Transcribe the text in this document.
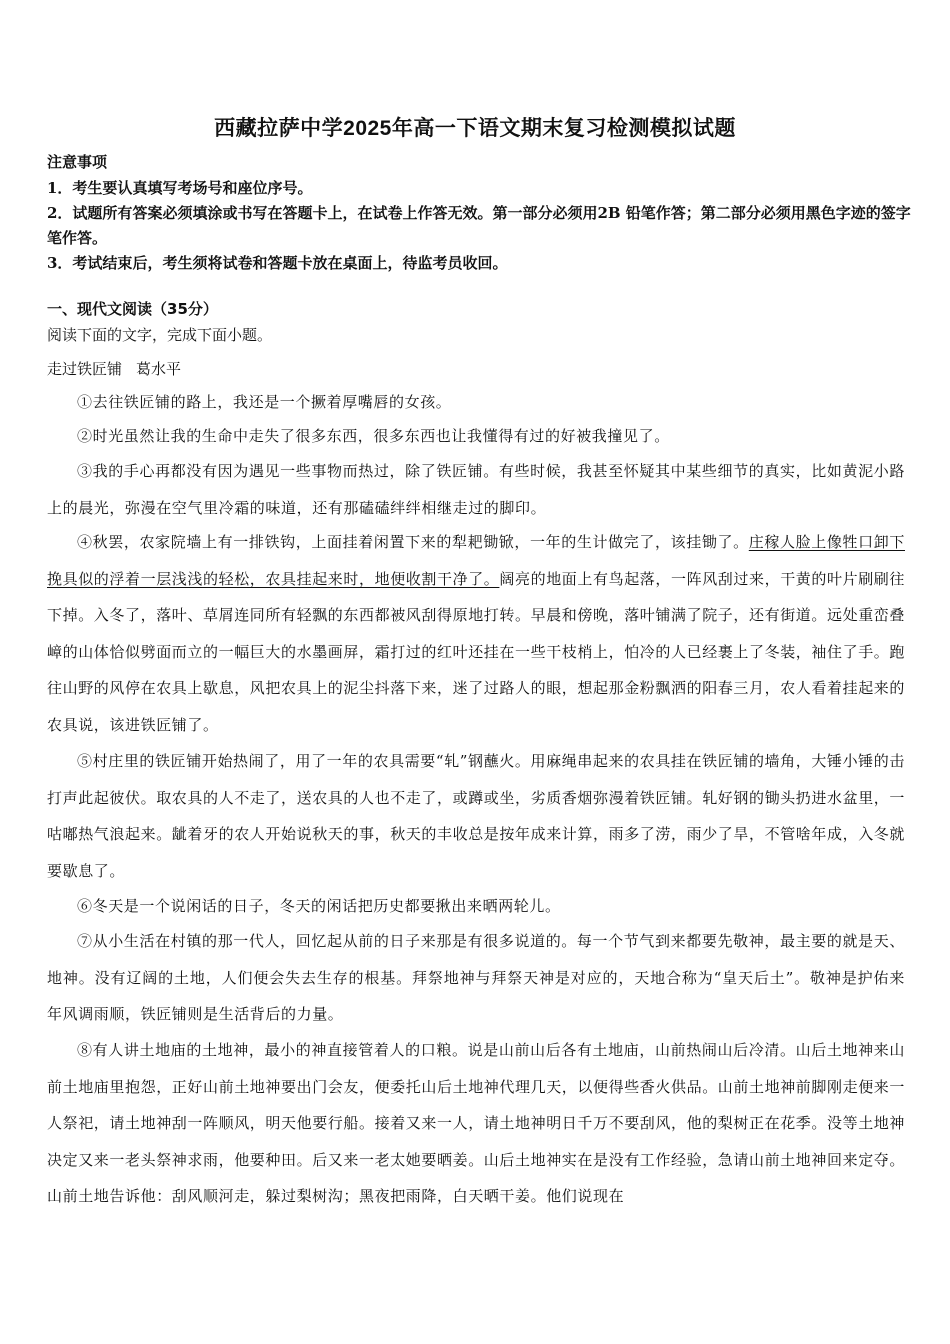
西藏拉萨中学2025年高一下语文期末复习检测模拟试题
注意事项
1．考生要认真填写考场号和座位序号。
2．试题所有答案必须填涂或书写在答题卡上，在试卷上作答无效。第一部分必须用2B 铅笔作答；第二部分必须用黑色字迹的签字笔作答。
3．考试结束后，考生须将试卷和答题卡放在桌面上，待监考员收回。
一、现代文阅读（35分）
阅读下面的文字，完成下面小题。
走过铁匠铺 葛水平

①去往铁匠铺的路上，我还是一个撅着厚嘴唇的女孩。

②时光虽然让我的生命中走失了很多东西，很多东西也让我懂得有过的好被我撞见了。

③我的手心再都没有因为遇见一些事物而热过，除了铁匠铺。有些时候，我甚至怀疑其中某些细节的真实，比如黄泥小路上的晨光，弥漫在空气里冷霜的味道，还有那磕磕绊绊相继走过的脚印。

④秋罢，农家院墙上有一排铁钩，上面挂着闲置下来的犁耙锄锨，一年的生计做完了，该挂锄了。庄稼人脸上像牲口卸下挽具似的浮着一层浅浅的轻松，农具挂起来时，地便收割干净了。阔亮的地面上有鸟起落，一阵风刮过来，干黄的叶片刷刷往下掉。入冬了，落叶、草屑连同所有轻飘的东西都被风刮得原地打转。早晨和傍晚，落叶铺满了院子，还有街道。远处重峦叠嶂的山体恰似劈面而立的一幅巨大的水墨画屏，霜打过的红叶还挂在一些干枝梢上，怕冷的人已经裹上了冬装，袖住了手。跑往山野的风停在农具上歇息，风把农具上的泥尘抖落下来，迷了过路人的眼，想起那金粉飘洒的阳春三月，农人看着挂起来的农具说，该进铁匠铺了。

⑤村庄里的铁匠铺开始热闹了，用了一年的农具需要“轧”钢蘸火。用麻绳串起来的农具挂在铁匠铺的墙角，大锤小锤的击打声此起彼伏。取农具的人不走了，送农具的人也不走了，或蹲或坐，劣质香烟弥漫着铁匠铺。轧好钢的锄头扔进水盆里，一咕嘟热气浪起来。龇着牙的农人开始说秋天的事，秋天的丰收总是按年成来计算，雨多了涝，雨少了旱，不管啥年成，入冬就要歇息了。

⑥冬天是一个说闲话的日子，冬天的闲话把历史都要揪出来晒两轮儿。

⑦从小生活在村镇的那一代人，回忆起从前的日子来那是有很多说道的。每一个节气到来都要先敬神，最主要的就是天、地神。没有辽阔的土地，人们便会失去生存的根基。拜祭地神与拜祭天神是对应的，天地合称为“皇天后土”。敬神是护佑来年风调雨顺，铁匠铺则是生活背后的力量。

⑧有人讲土地庙的土地神，最小的神直接管着人的口粮。说是山前山后各有土地庙，山前热闹山后冷清。山后土地神来山前土地庙里抱怨，正好山前土地神要出门会友，便委托山后土地神代理几天，以便得些香火供品。山前土地神前脚刚走便来一人祭祀，请土地神刮一阵顺风，明天他要行船。接着又来一人，请土地神明日千万不要刮风，他的梨树正在花季。没等土地神决定又来一老头祭神求雨，他要种田。后又来一老太她要晒姜。山后土地神实在是没有工作经验，急请山前土地神回来定夺。山前土地告诉他：刮风顺河走，躲过梨树沟；黑夜把雨降，白天晒干姜。他们说现在
